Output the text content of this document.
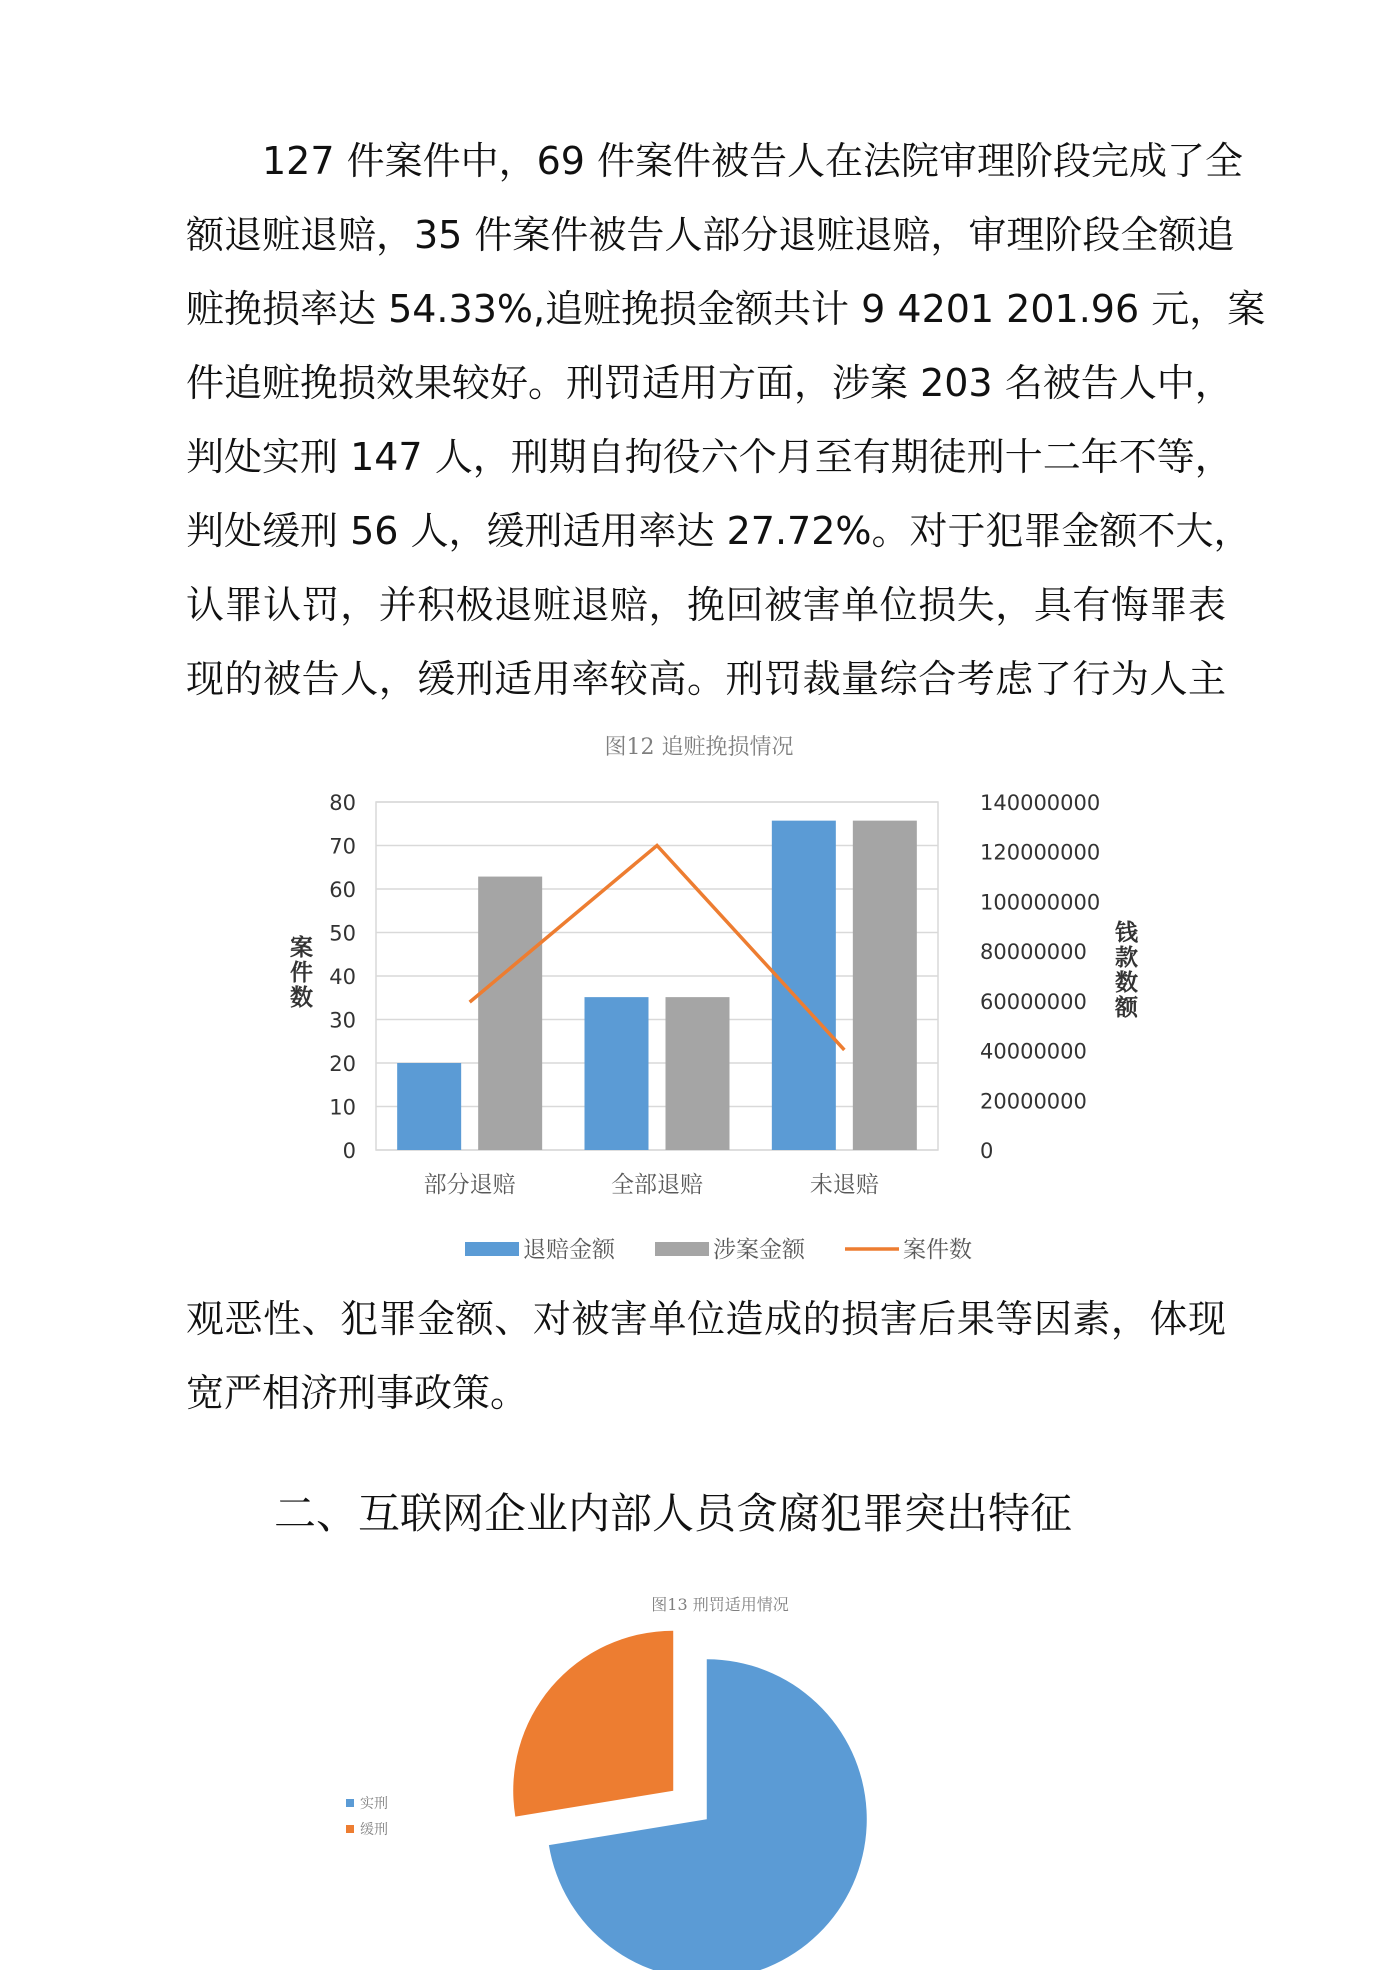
127 件案件中，69 件案件被告人在法院审理阶段完成了全
额退赃退赔，35 件案件被告人部分退赃退赔，审理阶段全额追
赃挽损率达 54.33%,追赃挽损金额共计 9 4201 201.96 元，案
件追赃挽损效果较好。刑罚适用方面，涉案 203 名被告人中，
判处实刑 147 人，刑期自拘役六个月至有期徒刑十二年不等，
判处缓刑 56 人，缓刑适用率达 27.72%。对于犯罪金额不大，
认罪认罚，并积极退赃退赔，挽回被害单位损失，具有悔罪表
现的被告人，缓刑适用率较高。刑罚裁量综合考虑了行为人主
图12 追赃挽损情况
案件数	钱款数额
0
10
20
30
40
50
60
70
80
0
20000000
40000000
60000000
80000000
100000000
120000000
140000000
部分退赔	全部退赔	未退赔
退赔金额	涉案金额	案件数
观恶性、犯罪金额、对被害单位造成的损害后果等因素，体现
宽严相济刑事政策。
二、互联网企业内部人员贪腐犯罪突出特征
图13 刑罚适用情况
实刑
缓刑
